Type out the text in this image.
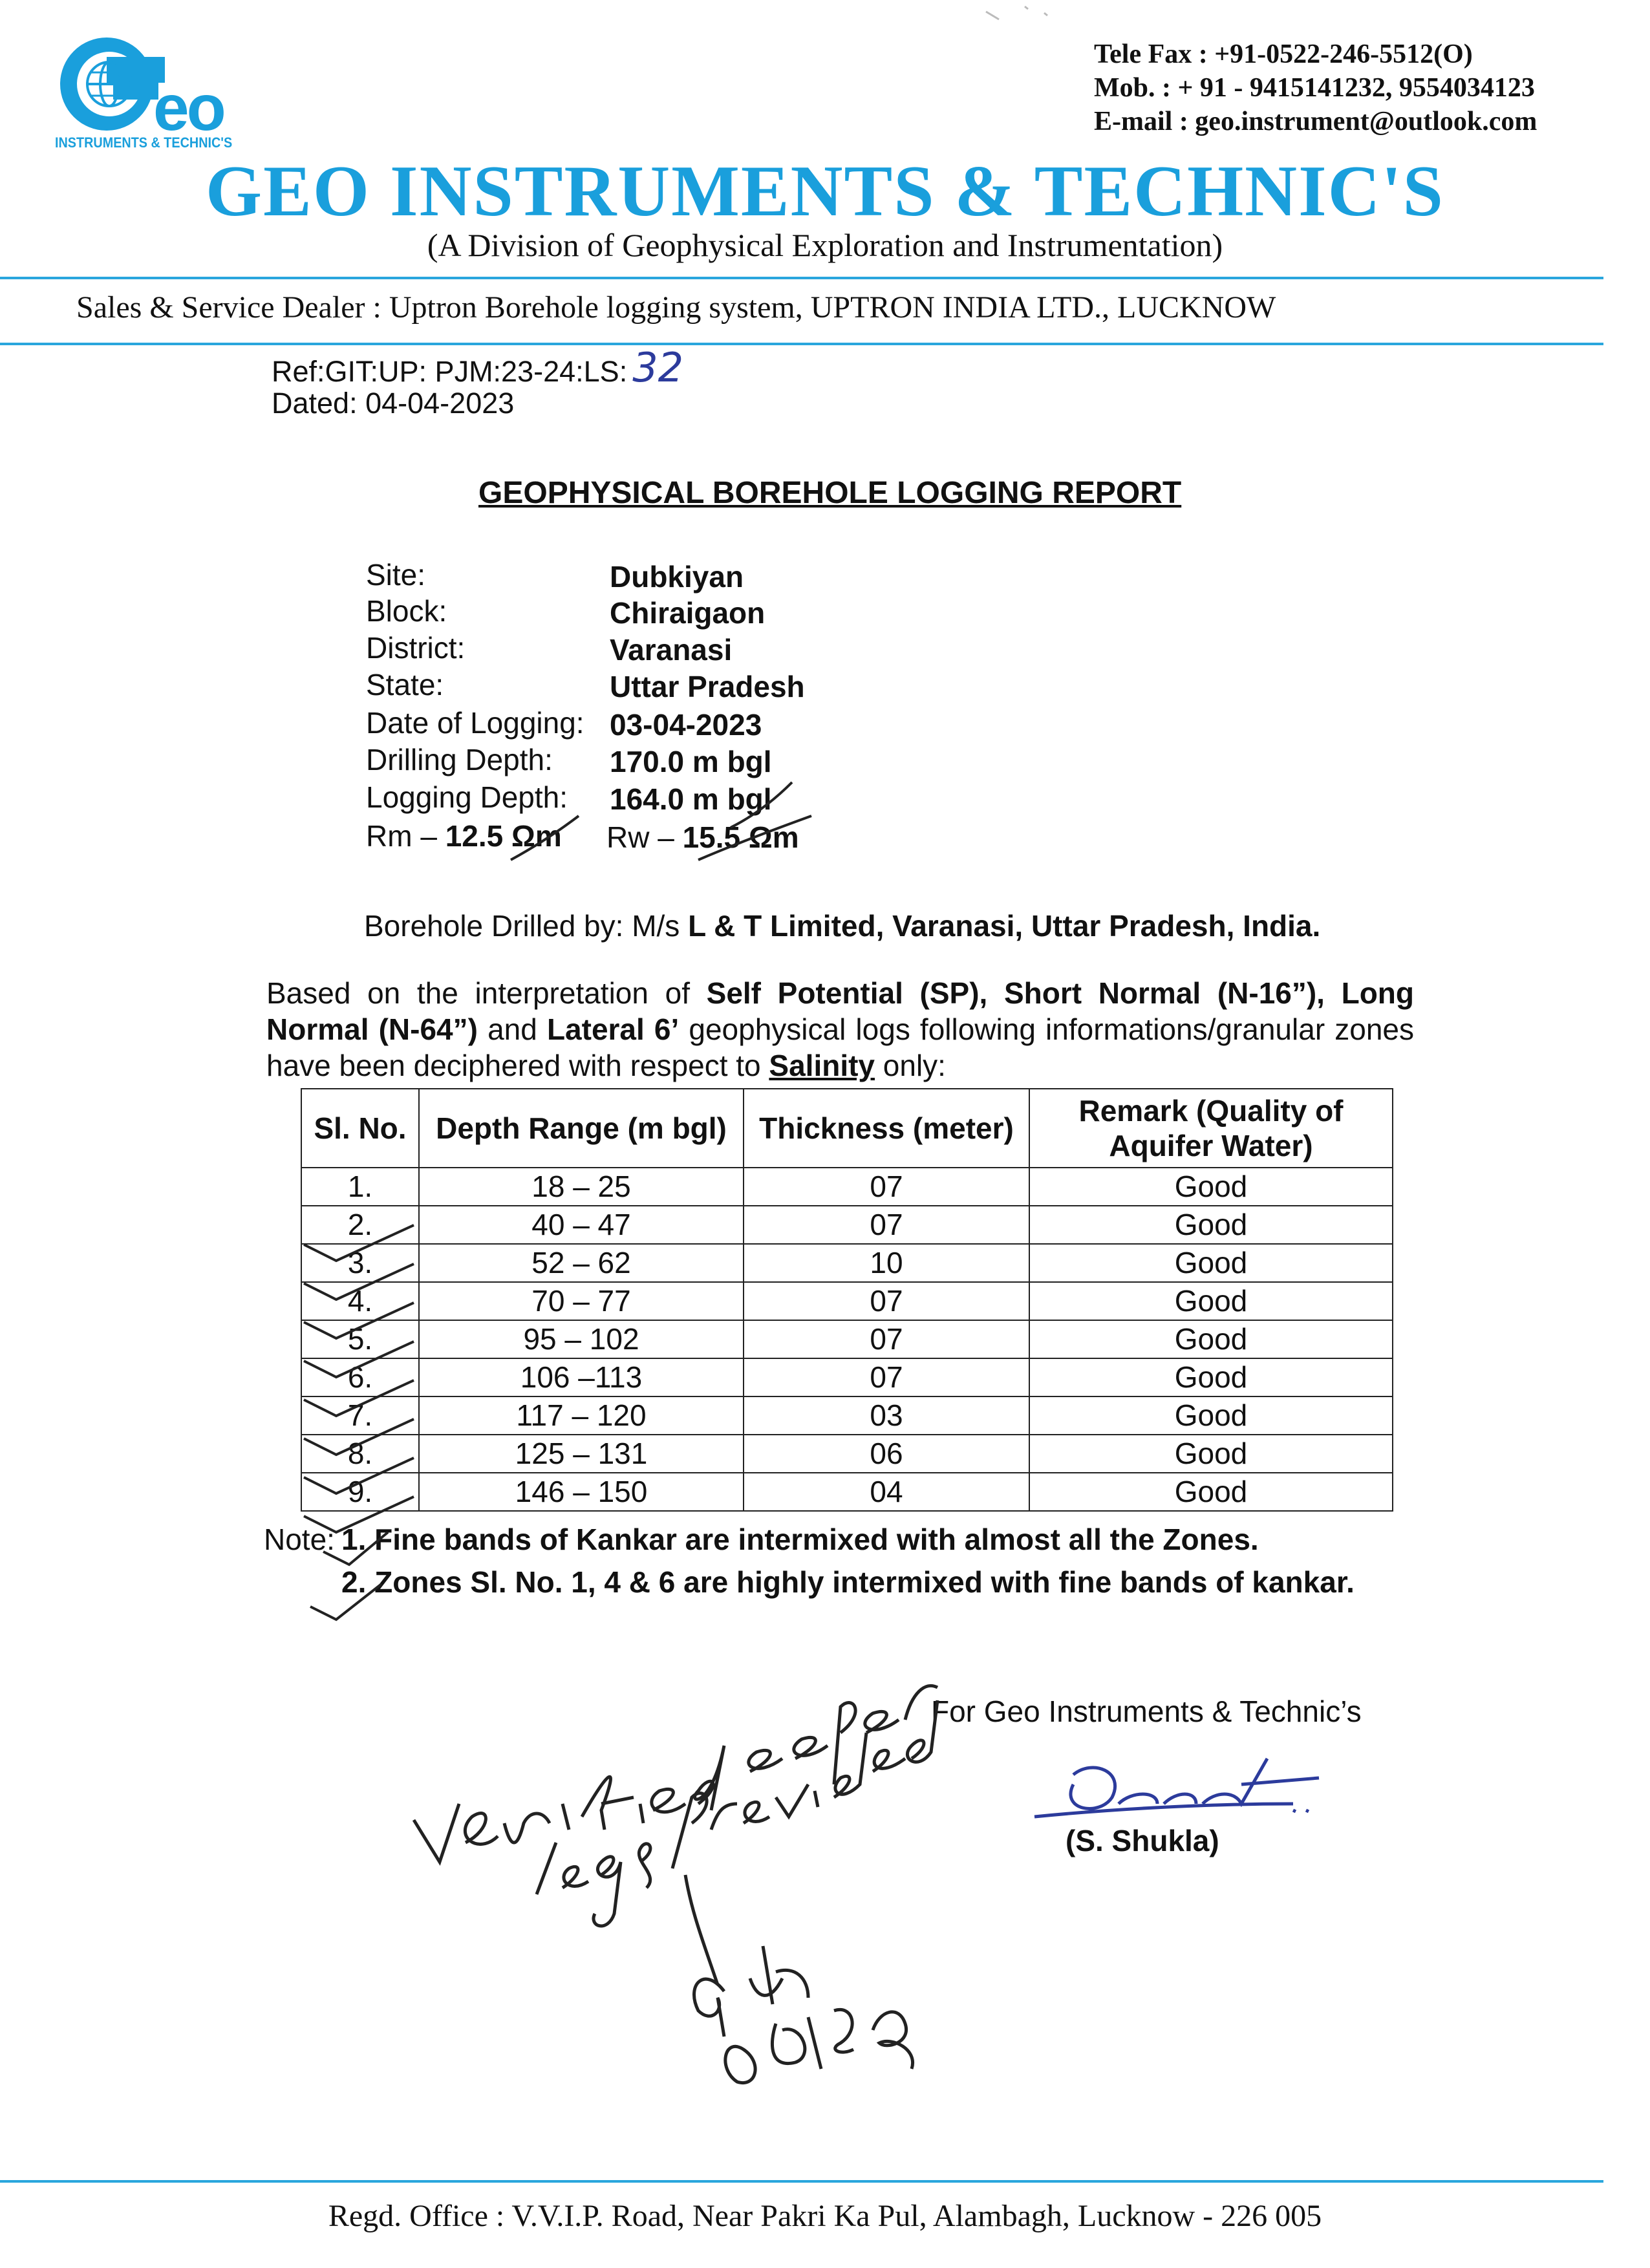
eo
INSTRUMENTS & TECHNIC'S
Tele Fax : +91-0522-246-5512(O)
Mob. : + 91 - 9415141232, 9554034123
E-mail : geo.instrument@outlook.com
GEO INSTRUMENTS & TECHNIC'S
(A Division of Geophysical Exploration and Instrumentation)
Sales & Service Dealer : Uptron Borehole logging system, UPTRON INDIA LTD., LUCKNOW
Ref:GIT:UP: PJM:23-24:LS: 32
Dated: 04-04-2023
GEOPHYSICAL BOREHOLE LOGGING REPORT
Site:	Dubkiyan
Block:	Chiraigaon
District:	Varanasi
State:	Uttar Pradesh
Date of Logging: 03-04-2023
Drilling Depth: 170.0 m bgl
Logging Depth: 164.0 m bgl
Rm – 12.5 Ωm Rw – 15.5 Ωm
Borehole Drilled by: M/s L & T Limited, Varanasi, Uttar Pradesh, India.
Based on the interpretation of Self Potential (SP), Short Normal (N-16”), Long Normal (N-64”) and Lateral 6’ geophysical logs following informations/granular zones have been deciphered with respect to Salinity only:
Sl. No.	Depth Range (m bgl)	Thickness (meter)	Remark (Quality of Aquifer Water)
1.	18 – 25	07	Good
2.	40 – 47	07	Good
3.	52 – 62	10	Good
4.	70 – 77	07	Good
5.	95 – 102	07	Good
6.	106 –113	07	Good
7.	117 – 120	03	Good
8.	125 – 131	06	Good
9.	146 – 150	04	Good
Note: 1. Fine bands of Kankar are intermixed with almost all the Zones.
2. Zones Sl. No. 1, 4 & 6 are highly intermixed with fine bands of kankar.
For Geo Instruments & Technic’s
(S. Shukla)
Regd. Office : V.V.I.P. Road, Near Pakri Ka Pul, Alambagh, Lucknow - 226 005
